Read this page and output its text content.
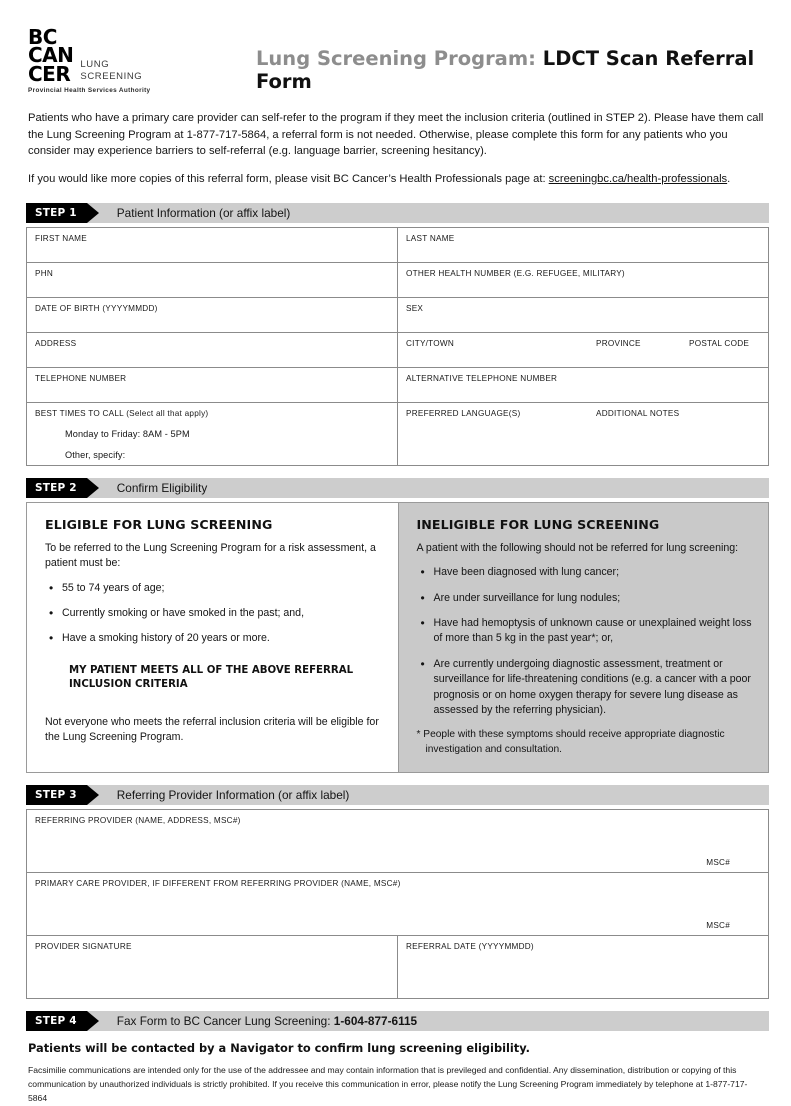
BC
CAN
CER	LUNG
SCREENING
Provincial Health Services Authority
Lung Screening Program: LDCT Scan Referral Form

Patients who have a primary care provider can self-refer to the program if they meet the inclusion criteria (outlined in STEP 2). Please have them call the Lung Screening Program at 1-877-717-5864, a referral form is not needed. Otherwise, please complete this form for any patients who you consider may experience barriers to self-referral (e.g. language barrier, screening hesitancy).

If you would like more copies of this referral form, please visit BC Cancer’s Health Professionals page at: screeningbc.ca/health-professionals.

STEP 1	Patient Information (or affix label)
FIRST NAME	LAST NAME

PHN	OTHER HEALTH NUMBER (E.G. REFUGEE, MILITARY)

DATE OF BIRTH (YYYYMMDD)	SEX

ADDRESS	CITY/TOWN PROVINCE POSTAL CODE

TELEPHONE NUMBER	ALTERNATIVE TELEPHONE NUMBER

BEST TIMES TO CALL (Select all that apply)
Monday to Friday: 8AM - 5PM
Other, specify:

PREFERRED LANGUAGE(S)	ADDITIONAL NOTES
STEP 2	Confirm Eligibility
ELIGIBLE FOR LUNG SCREENING

To be referred to the Lung Screening Program for a risk assessment, a patient must be:

• 55 to 74 years of age;
• Currently smoking or have smoked in the past; and,
• Have a smoking history of 20 years or more.
MY PATIENT MEETS ALL OF THE ABOVE REFERRAL INCLUSION CRITERIA

Not everyone who meets the referral inclusion criteria will be eligible for the Lung Screening Program.

INELIGIBLE FOR LUNG SCREENING

A patient with the following should not be referred for lung screening:

• Have been diagnosed with lung cancer;
• Are under surveillance for lung nodules;
• Have had hemoptysis of unknown cause or unexplained weight loss of more than 5 kg in the past year*; or,
• Are currently undergoing diagnostic assessment, treatment or surveillance for life-threatening conditions (e.g. a cancer with a poor prognosis or on home oxygen therapy for severe lung disease as assessed by the referring physician).

* People with these symptoms should receive appropriate diagnostic investigation and consultation.

STEP 3	Referring Provider Information (or affix label)
REFERRING PROVIDER (NAME, ADDRESS, MSC#)
MSC#

PRIMARY CARE PROVIDER, IF DIFFERENT FROM REFERRING PROVIDER (NAME, MSC#)
MSC#

PROVIDER SIGNATURE	REFERRAL DATE (YYYYMMDD)
STEP 4	Fax Form to BC Cancer Lung Screening: 1-604-877-6115

Patients will be contacted by a Navigator to confirm lung screening eligibility.

Facsimilie communications are intended only for the use of the addressee and may contain information that is previleged and confidential. Any dissemination, distribution or copying of this communication by unauthorized individuals is strictly prohibited. If you receive this communication in error, please notify the Lung Screening Program immediately by telephone at 1-877-717-5864
